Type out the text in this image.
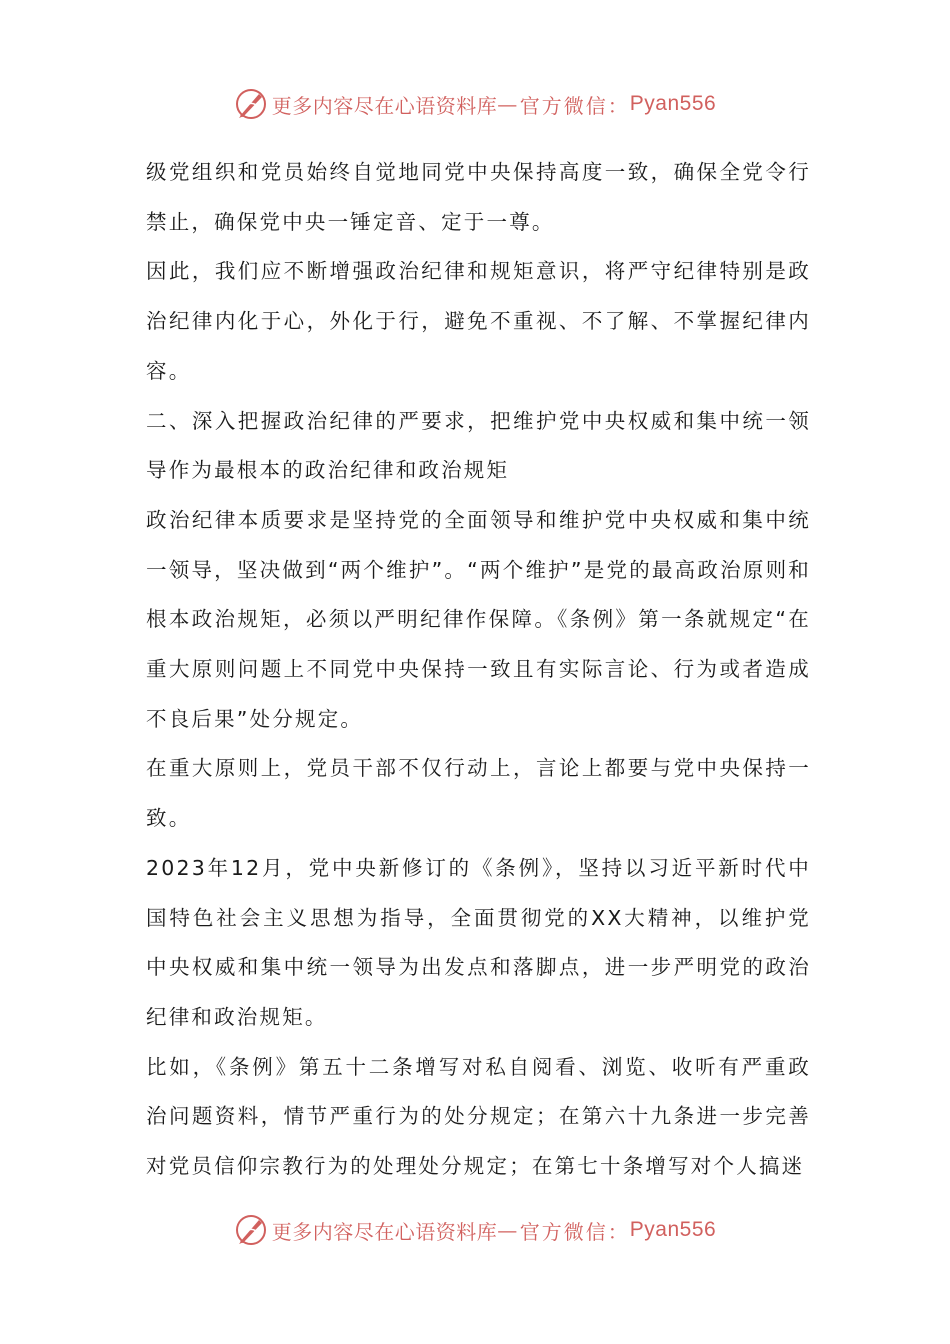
更多内容尽在心语资料库 — 官方微信： Pyan556

级党组织和党员始终自觉地同党中央保持高度一致，确保全党令行禁止，确保党中央一锤定音、定于一尊。

因此，我们应不断增强政治纪律和规矩意识，将严守纪律特别是政治纪律内化于心，外化于行，避免不重视、不了解、不掌握纪律内容。

二、深入把握政治纪律的严要求，把维护党中央权威和集中统一领导作为最根本的政治纪律和政治规矩

政治纪律本质要求是坚持党的全面领导和维护党中央权威和集中统一领导，坚决做到“两个维护”。“两个维护”是党的最高政治原则和根本政治规矩，必须以严明纪律作保障。《条例》第一条就规定“在重大原则问题上不同党中央保持一致且有实际言论、行为或者造成不良后果”处分规定。

在重大原则上，党员干部不仅行动上，言论上都要与党中央保持一致。

2023年12月，党中央新修订的《条例》，坚持以习近平新时代中国特色社会主义思想为指导，全面贯彻党的XX大精神，以维护党中央权威和集中统一领导为出发点和落脚点，进一步严明党的政治纪律和政治规矩。

比如，《条例》第五十二条增写对私自阅看、浏览、收听有严重政治问题资料，情节严重行为的处分规定；在第六十九条进一步完善对党员信仰宗教行为的处理处分规定；在第七十条增写对个人搞迷

更多内容尽在心语资料库 — 官方微信： Pyan556
